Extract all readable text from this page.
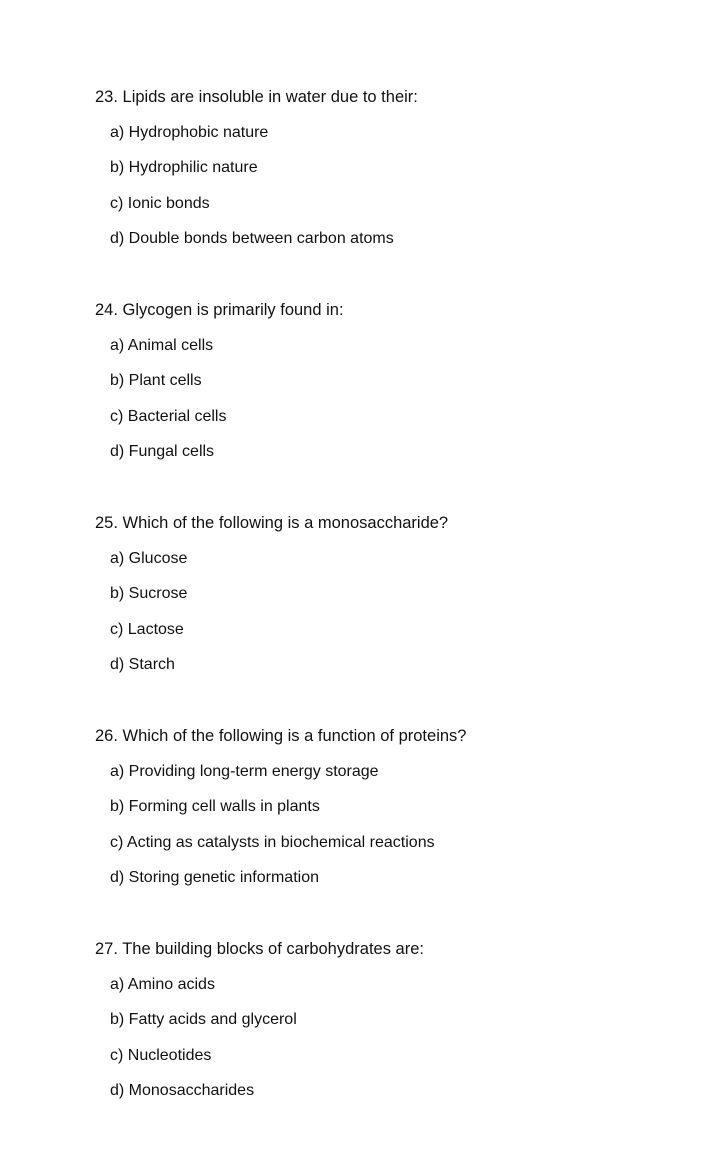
23. Lipids are insoluble in water due to their:
a) Hydrophobic nature
b) Hydrophilic nature
c) Ionic bonds
d) Double bonds between carbon atoms
24. Glycogen is primarily found in:
a) Animal cells
b) Plant cells
c) Bacterial cells
d) Fungal cells
25. Which of the following is a monosaccharide?
a) Glucose
b) Sucrose
c) Lactose
d) Starch
26. Which of the following is a function of proteins?
a) Providing long-term energy storage
b) Forming cell walls in plants
c) Acting as catalysts in biochemical reactions
d) Storing genetic information
27. The building blocks of carbohydrates are:
a) Amino acids
b) Fatty acids and glycerol
c) Nucleotides
d) Monosaccharides
